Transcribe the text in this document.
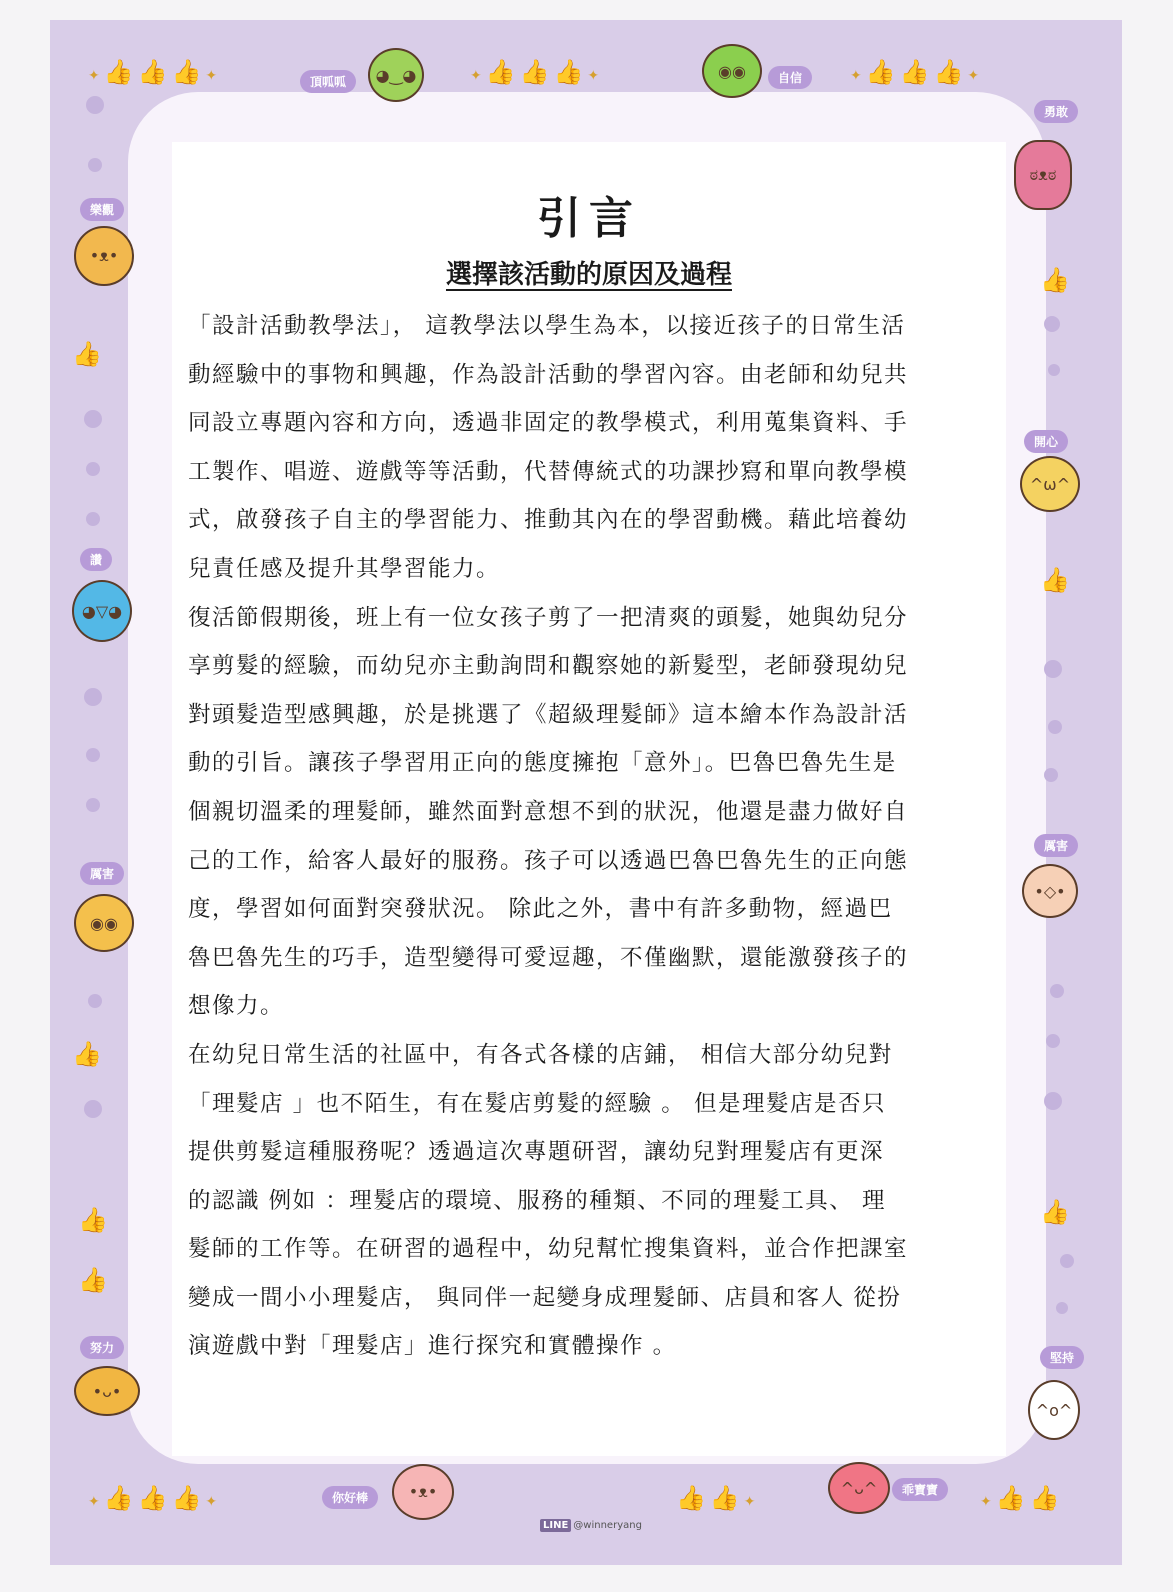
✦👍👍👍✦	✦👍👍👍✦	✦👍👍👍✦
✦👍👍👍✦	👍👍✦	✦👍👍
👍
👍
👍
👍
👍
👍
👍
◕‿◕	◉◉
ಠᴥಠ
•ᴥ•
^ω^
◕▽◕
•◇•
◉◉
•ᴗ•
^o^
•ᴥ•	^ᴗ^
頂呱呱	自信
勇敢
樂觀
開心
讚
厲害
厲害
努力
堅持
你好棒
乖寶寶
LINE @winneryang
引言
選擇該活動的原因及過程
「設計活動教學法」， 這教學法以學生為本，以接近孩子的日常生活
動經驗中的事物和興趣，作為設計活動的學習內容。由老師和幼兒共
同設立專題內容和方向，透過非固定的教學模式，利用蒐集資料、手
工製作、唱遊、遊戲等等活動，代替傳統式的功課抄寫和單向教學模
式，啟發孩子自主的學習能力、推動其內在的學習動機。藉此培養幼
兒責任感及提升其學習能力。
復活節假期後，班上有一位女孩子剪了一把清爽的頭髮，她與幼兒分
享剪髮的經驗，而幼兒亦主動詢問和觀察她的新髮型，老師發現幼兒
對頭髮造型感興趣，於是挑選了《超級理髮師》這本繪本作為設計活
動的引旨。讓孩子學習用正向的態度擁抱「意外」。巴魯巴魯先生是
個親切溫柔的理髮師，雖然面對意想不到的狀況，他還是盡力做好自
己的工作，給客人最好的服務。孩子可以透過巴魯巴魯先生的正向態
度，學習如何面對突發狀況。 除此之外，書中有許多動物，經過巴
魯巴魯先生的巧手，造型變得可愛逗趣，不僅幽默，還能激發孩子的
想像力。
在幼兒日常生活的社區中，有各式各樣的店鋪， 相信大部分幼兒對
「理髮店 」也不陌生，有在髮店剪髮的經驗 。 但是理髮店是否只
提供剪髮這種服務呢？透過這次專題研習，讓幼兒對理髮店有更深
的認識 例如 ：理髮店的環境、服務的種類、不同的理髮工具、 理
髮師的工作等。在研習的過程中，幼兒幫忙搜集資料，並合作把課室
變成一間小小理髮店， 與同伴一起變身成理髮師、店員和客人 從扮
演遊戲中對「理髮店」進行探究和實體操作 。
